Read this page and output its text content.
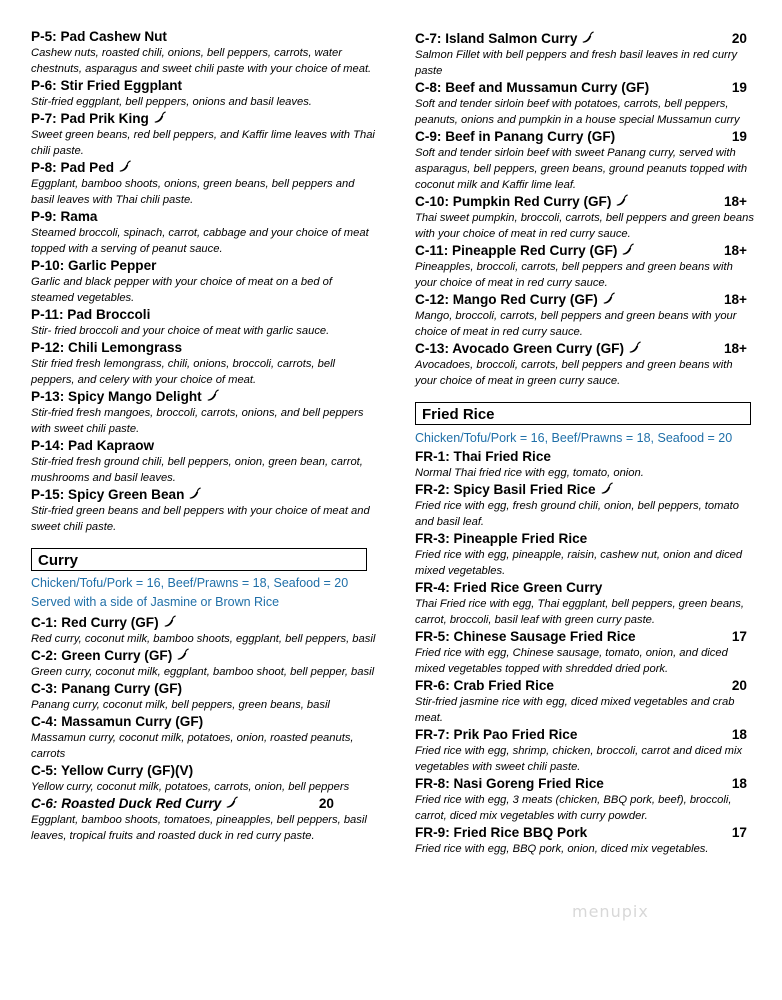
P-5: Pad Cashew Nut
Cashew nuts, roasted chili, onions, bell peppers, carrots, water chestnuts, asparagus and sweet chili paste with your choice of meat.
P-6: Stir Fried Eggplant
Stir-fried eggplant, bell peppers, onions and basil leaves.
P-7: Pad Prik King
Sweet green beans, red bell peppers, and Kaffir lime leaves with Thai chili paste.
P-8: Pad Ped
Eggplant, bamboo shoots, onions, green beans, bell peppers and basil leaves with Thai chili paste.
P-9: Rama
Steamed broccoli, spinach, carrot, cabbage and your choice of meat topped with a serving of peanut sauce.
P-10: Garlic Pepper
Garlic and black pepper with your choice of meat on a bed of steamed vegetables.
P-11: Pad Broccoli
Stir- fried broccoli and your choice of meat with garlic sauce.
P-12: Chili Lemongrass
Stir fried fresh lemongrass, chili, onions, broccoli, carrots, bell peppers, and celery with your choice of meat.
P-13: Spicy Mango Delight
Stir-fried fresh mangoes, broccoli, carrots, onions, and bell peppers with sweet chili paste.
P-14: Pad Kapraow
Stir-fried fresh ground chili, bell peppers, onion, green bean, carrot, mushrooms and basil leaves.
P-15: Spicy Green Bean
Stir-fried green beans and bell peppers with your choice of meat and sweet chili paste.
Curry
Chicken/Tofu/Pork = 16, Beef/Prawns = 18, Seafood = 20
Served with a side of Jasmine or Brown Rice
C-1: Red Curry (GF)
Red curry, coconut milk, bamboo shoots, eggplant, bell peppers, basil
C-2: Green Curry (GF)
Green curry, coconut milk, eggplant, bamboo shoot, bell pepper, basil
C-3: Panang Curry (GF)
Panang curry, coconut milk, bell peppers, green beans, basil
C-4: Massamun Curry (GF)
Massamun curry, coconut milk, potatoes, onion, roasted peanuts, carrots
C-5: Yellow Curry (GF)(V)
Yellow curry, coconut milk, potatoes, carrots, onion, bell peppers
C-6: Roasted Duck Red Curry	20
Eggplant, bamboo shoots, tomatoes, pineapples, bell peppers, basil leaves, tropical fruits and roasted duck in red curry paste.
C-7: Island Salmon Curry	20
Salmon Fillet with bell peppers and fresh basil leaves in red curry paste
C-8: Beef and Mussamun Curry (GF)	19
Soft and tender sirloin beef with potatoes, carrots, bell peppers, peanuts, onions and pumpkin in a house special Mussamun curry
C-9: Beef in Panang Curry (GF)	19
Soft and tender sirloin beef with sweet Panang curry, served with asparagus, bell peppers, green beans, ground peanuts topped with coconut milk and Kaffir lime leaf.
C-10: Pumpkin Red Curry (GF)	18+
Thai sweet pumpkin, broccoli, carrots, bell peppers and green beans with your choice of meat in red curry sauce.
C-11: Pineapple Red Curry (GF)	18+
Pineapples, broccoli, carrots, bell peppers and green beans with your choice of meat in red curry sauce.
C-12: Mango Red Curry (GF)	18+
Mango, broccoli, carrots, bell peppers and green beans with your choice of meat in red curry sauce.
C-13: Avocado Green Curry (GF)	18+
Avocadoes, broccoli, carrots, bell peppers and green beans with your choice of meat in green curry sauce.
Fried Rice
Chicken/Tofu/Pork = 16, Beef/Prawns = 18, Seafood = 20
FR-1: Thai Fried Rice
Normal Thai fried rice with egg, tomato, onion.
FR-2: Spicy Basil Fried Rice
Fried rice with egg, fresh ground chili, onion, bell peppers, tomato and basil leaf.
FR-3: Pineapple Fried Rice
Fried rice with egg, pineapple, raisin, cashew nut, onion and diced mixed vegetables.
FR-4: Fried Rice Green Curry
Thai Fried rice with egg, Thai eggplant, bell peppers, green beans, carrot, broccoli, basil leaf with green curry paste.
FR-5: Chinese Sausage Fried Rice	17
Fried rice with egg, Chinese sausage, tomato, onion, and diced mixed vegetables topped with shredded dried pork.
FR-6: Crab Fried Rice	20
Stir-fried jasmine rice with egg, diced mixed vegetables and crab meat.
FR-7: Prik Pao Fried Rice	18
Fried rice with egg, shrimp, chicken, broccoli, carrot and diced mix vegetables with sweet chili paste.
FR-8: Nasi Goreng Fried Rice	18
Fried rice with egg, 3 meats (chicken, BBQ pork, beef), broccoli, carrot, diced mix vegetables with curry powder.
FR-9: Fried Rice BBQ Pork	17
Fried rice with egg, BBQ pork, onion, diced mix vegetables.
menupix
